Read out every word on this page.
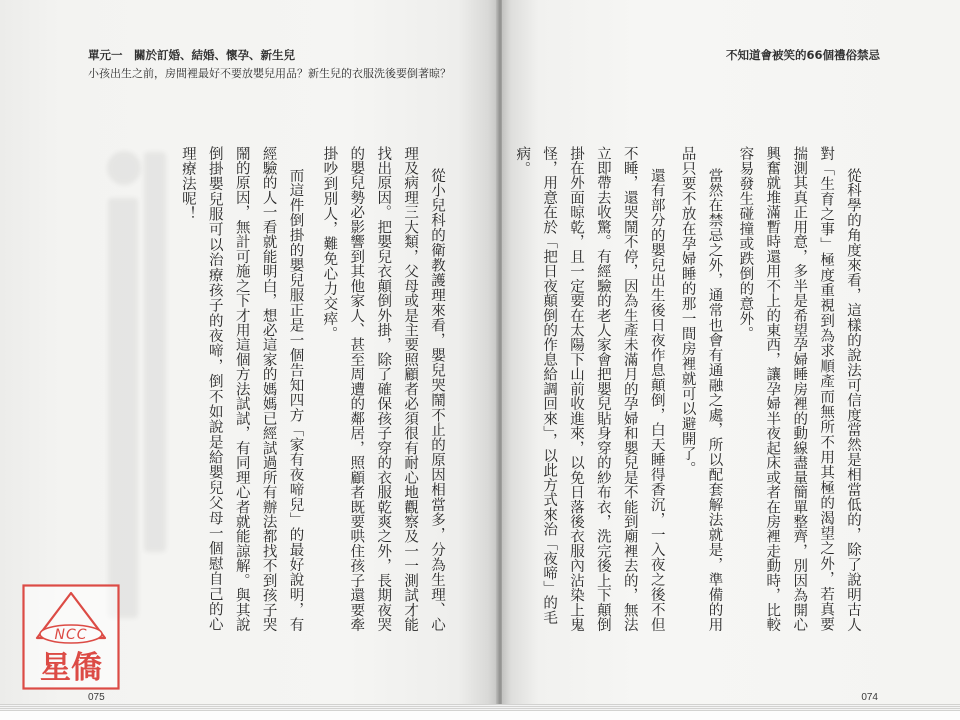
單元一　關於訂婚、結婚、懷孕、新生兒
小孩出生之前，房間裡最好不要放嬰兒用品？新生兒的衣服洗後要倒著晾？
075
從小兒科的衛教護理來看，嬰兒哭鬧不止的原因相當多，分為生理、心
理及病理三大類，父母或是主要照顧者必須很有耐心地觀察及一一測試才能
找出原因。把嬰兒衣顛倒外掛，除了確保孩子穿的衣服乾爽之外，長期夜哭
的嬰兒勢必影響到其他家人、甚至周遭的鄰居，照顧者既要哄住孩子還要牽
掛吵到別人，難免心力交瘁。
而這件倒掛的嬰兒服正是一個告知四方「家有夜啼兒」的最好說明，有
經驗的人一看就能明白，想必這家的媽媽已經試過所有辦法都找不到孩子哭
鬧的原因，無計可施之下才用這個方法試試，有同理心者就能諒解。與其說
倒掛嬰兒服可以治療孩子的夜啼，倒不如說是給嬰兒父母一個慰自己的心
理療法呢！
不知道會被笑的66個禮俗禁忌
074
從科學的角度來看，這樣的說法可信度當然是相當低的，除了說明古人
對「生育之事」極度重視到為求順產而無所不用其極的渴望之外，若真要
揣測其真正用意，多半是希望孕婦睡房裡的動線盡量簡單整齊，別因為開心
興奮就堆滿暫時還用不上的東西，讓孕婦半夜起床或者在房裡走動時，比較
容易發生碰撞或跌倒的意外。
當然在禁忌之外，通常也會有通融之處，所以配套解法就是，準備的用
品只要不放在孕婦睡的那一間房裡就可以避開了。
還有部分的嬰兒出生後日夜作息顛倒，白天睡得香沉，一入夜之後不但
不睡，還哭鬧不停，因為生產未滿月的孕婦和嬰兒是不能到廟裡去的，無法
立即帶去收驚。有經驗的老人家會把嬰兒貼身穿的紗布衣，洗完後上下顛倒
掛在外面晾乾，且一定要在太陽下山前收進來，以免日落後衣服內沾染上鬼
怪，用意在於「把日夜顛倒的作息給調回來」，以此方式來治「夜啼」的毛
病。
NCC
星僑
